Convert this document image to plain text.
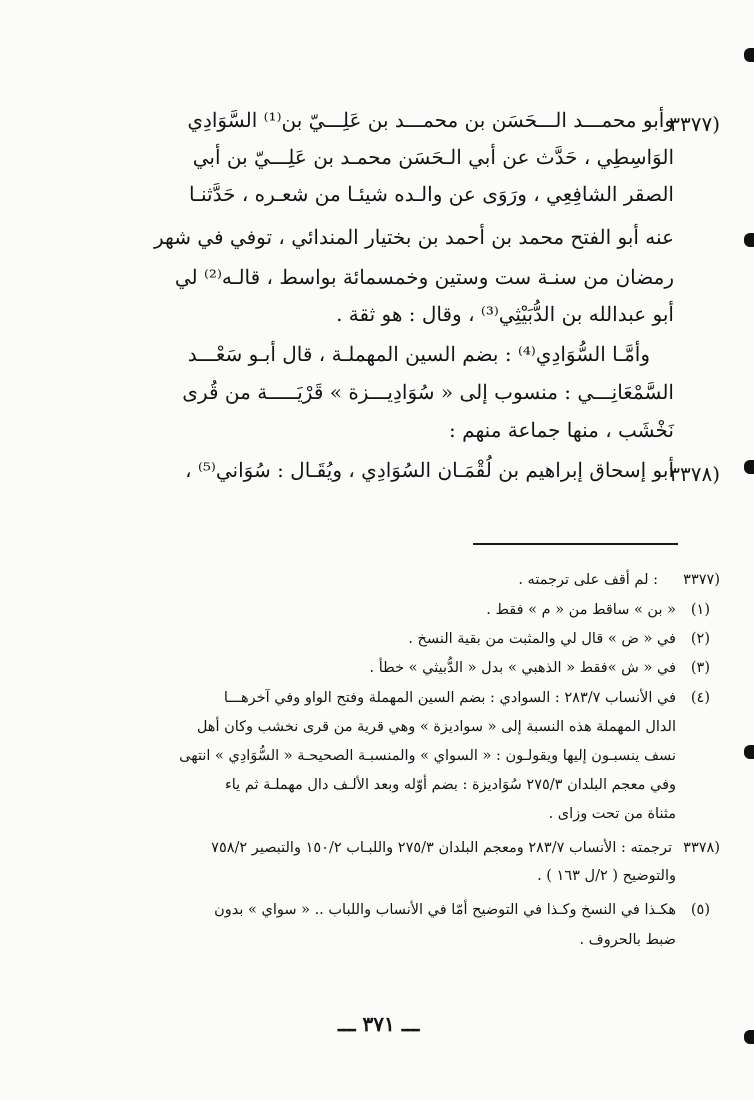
(٣٣٧٧
وأبو محمـــد الـــحَسَن بن محمـــد بن عَلِـــيّ بن⁽¹⁾ السَّوَادِي
الوَاسِطِي ، حَدَّث عن أبي الـحَسَن محمـد بن عَلِـــيّ بن أبي
الصقر الشافِعِي ، ورَوَى عن والـده شيئـا من شعـره ، حَدَّثنـا
عنه أبو الفتح محمد بن أحمد بن بختيار المندائي ، توفي في شهر
رمضان من سنـة ست وستين وخمسمائة بواسط ، قالـه⁽²⁾ لي
أبو عبدالله بن الدُّبَيْثِي⁽³⁾ ، وقال : هو ثقة .
وأمَّـا السُّوَادِي⁽⁴⁾ : بضم السين المهملـة ، قال أبـو سَعْـــد
السَّمْعَانِـــي : منسوب إلى « سُوَادِيـــزة » قَرْيَـــــة من قُرى
نَخْشَب ، منها جماعة منهم :
(٣٣٧٨
أبو إسحاق إبراهيم بن لُقْمَـان السُوَادِي ، ويُقَـال : سُوَاني⁽⁵⁾ ،
(٣٣٧٧
: لم أقف على ترجمته .
(١)
« بن » ساقط من « م » فقط .
(٢)
في « ض » قال لي والمثبت من بقية النسخ .
(٣)
في « ش »فقط « الذهبي » بدل « الدُّبيثي » خطأ .
(٤)
في الأنساب ٢٨٣/٧ : السوادي : بضم السين المهملة وفتح الواو وفي آخرهـــا
الدال المهملة هذه النسبة إلى « سواديزة » وهي قرية من قرى نخشب وكان أهل
نسف ينسبـون إليها ويقولـون : « السواي » والمنسبـة الصحيحـة « السُّوَادِي » انتهى
وفي معجم البلدان ٢٧٥/٣ سُوَاديزة : بضم أوّله وبعد الألـف دال مهملـة ثم ياء
مثناة من تحت وزاى .
(٣٣٧٨
ترجمته : الأنساب ٢٨٣/٧ ومعجم البلدان ٢٧٥/٣ واللبـاب ١٥٠/٢ والتبصير ٧٥٨/٢
والتوضيح ( ٢/ل ١٦٣ ) .
(٥)
هكـذا في النسخ وكـذا في التوضيح أمّا في الأنساب واللباب .. « سواي » بدون
ضبط بالحروف .
ـــ ٣٧١ ـــ
